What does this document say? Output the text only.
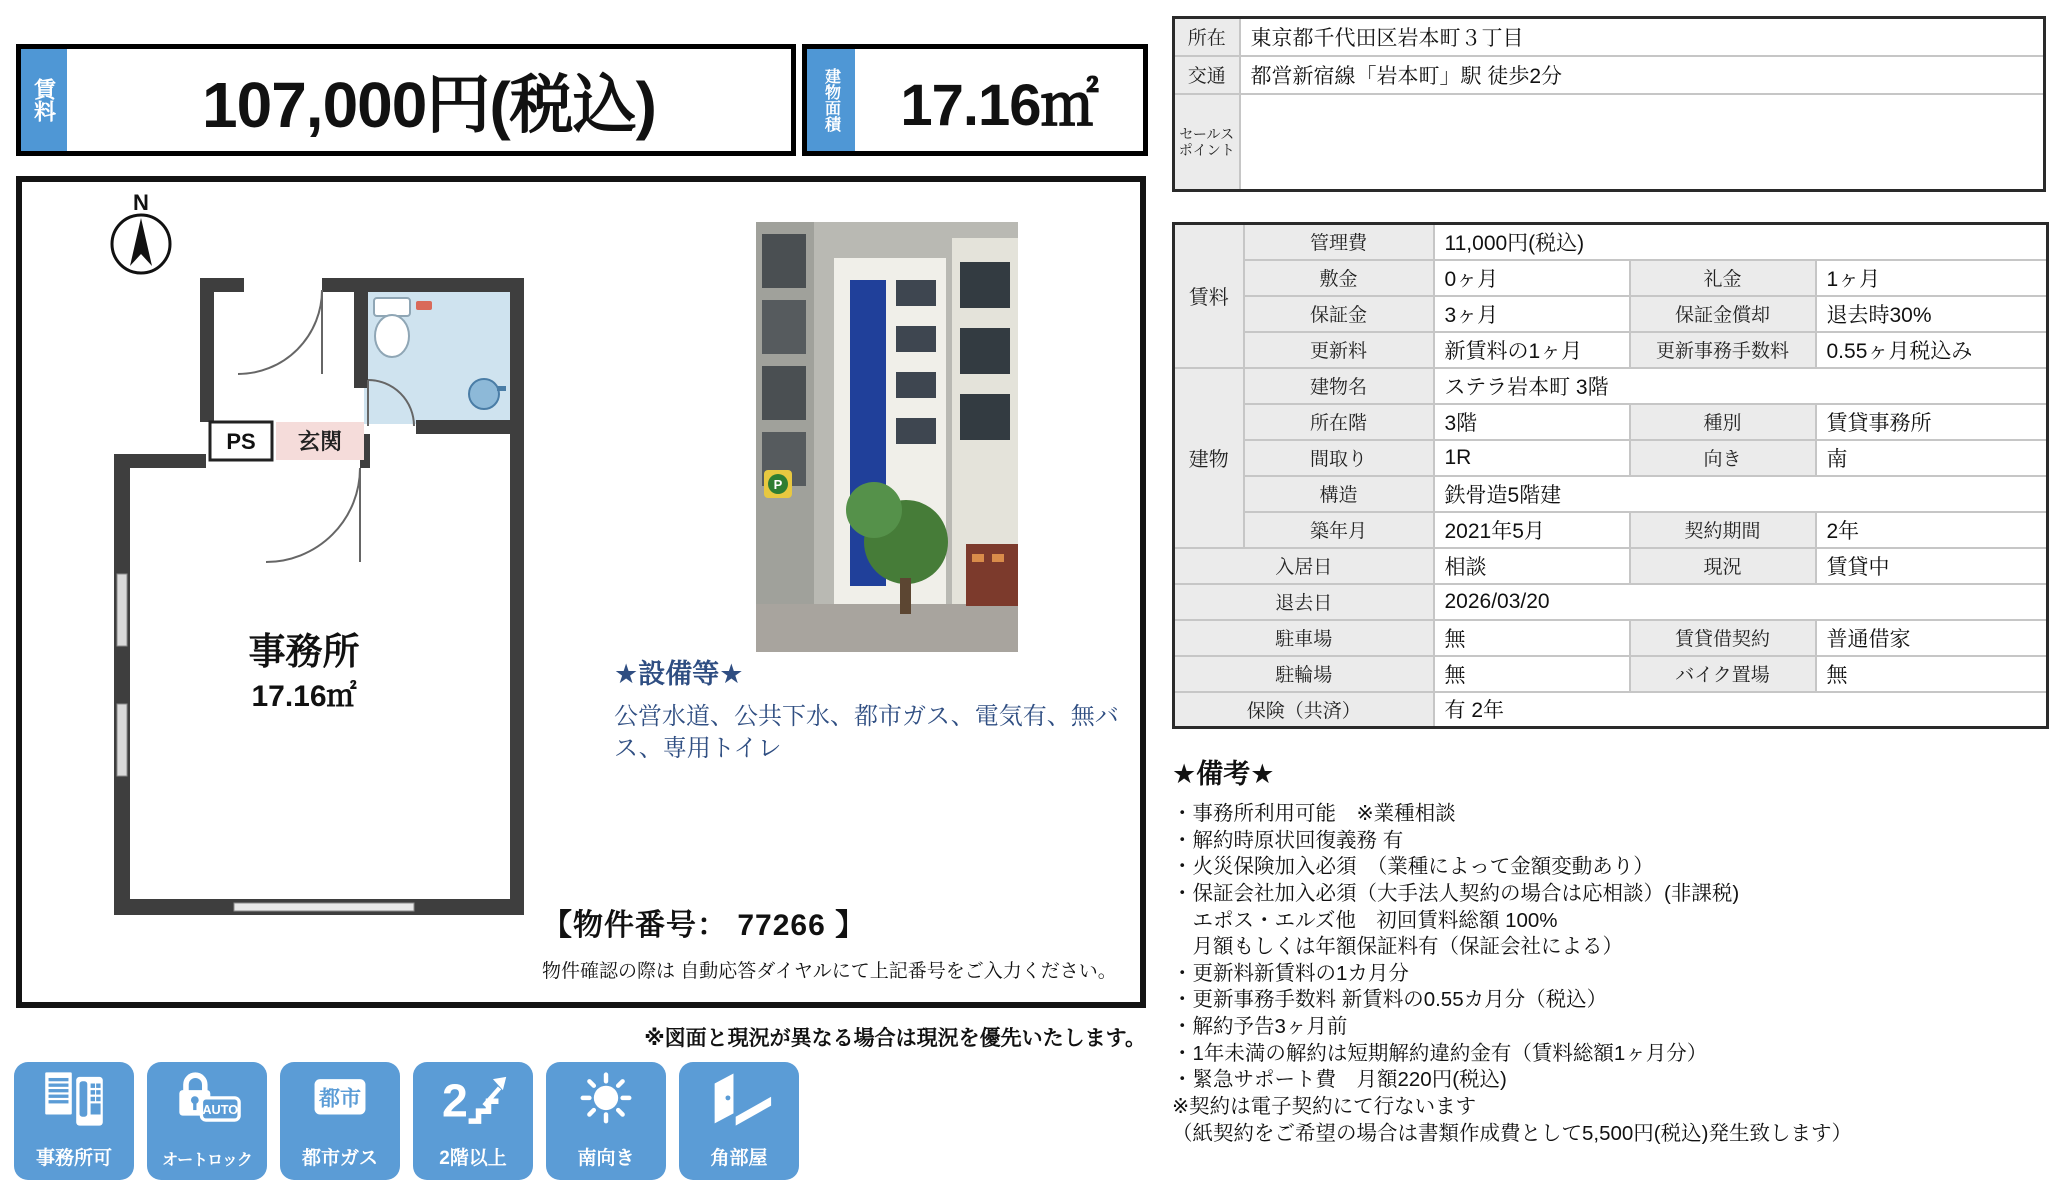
賃料	107,000円(税込)	建物面積	17.16㎡
N
PS 玄関
事務所
17.16㎡
P
★設備等★
公営水道、公共下水、都市ガス、電気有、無バス、専用トイレ
【物件番号： 77266 】
物件確認の際は 自動応答ダイヤルにて上記番号をご入力ください。
※図面と現況が異なる場合は現況を優先いたします。
所在	東京都千代田区岩本町３丁目
交通	都営新宿線「岩本町」駅 徒歩2分
セールスポイント	
賃料	管理費	11,000円(税込)		
	敷金	0ヶ月	礼金	1ヶ月
	保証金	3ヶ月	保証金償却	退去時30%
	更新料	新賃料の1ヶ月	更新事務手数料	0.55ヶ月税込み
建物	建物名	ステラ岩本町 3階		
	所在階	3階	種別	賃貸事務所
	間取り	1R	向き	南
	構造	鉄骨造5階建		
	築年月	2021年5月	契約期間	2年
入居日		相談	現況	賃貸中
退去日		2026/03/20		
駐車場		無	賃貸借契約	普通借家
駐輪場		無	バイク置場	無
保険（共済）		有 2年		
★備考★
・事務所利用可能　※業種相談
・解約時原状回復義務 有
・火災保険加入必須　（業種によって金額変動あり）
・保証会社加入必須（大手法人契約の場合は応相談）(非課税)
　エポス・エルズ他　初回賃料総額 100%
　月額もしくは年額保証料有（保証会社による）
・更新料新賃料の1カ月分
・更新事務手数料 新賃料の0.55カ月分（税込）
・解約予告3ヶ月前
・1年未満の解約は短期解約違約金有（賃料総額1ヶ月分）
・緊急サポート費　月額220円(税込)
※契約は電子契約にて行ないます
（紙契約をご希望の場合は書類作成費として5,500円(税込)発生致します）
事務所可
AUTO
オートロック
都市
都市ガス
2
2階以上	南向き	角部屋
